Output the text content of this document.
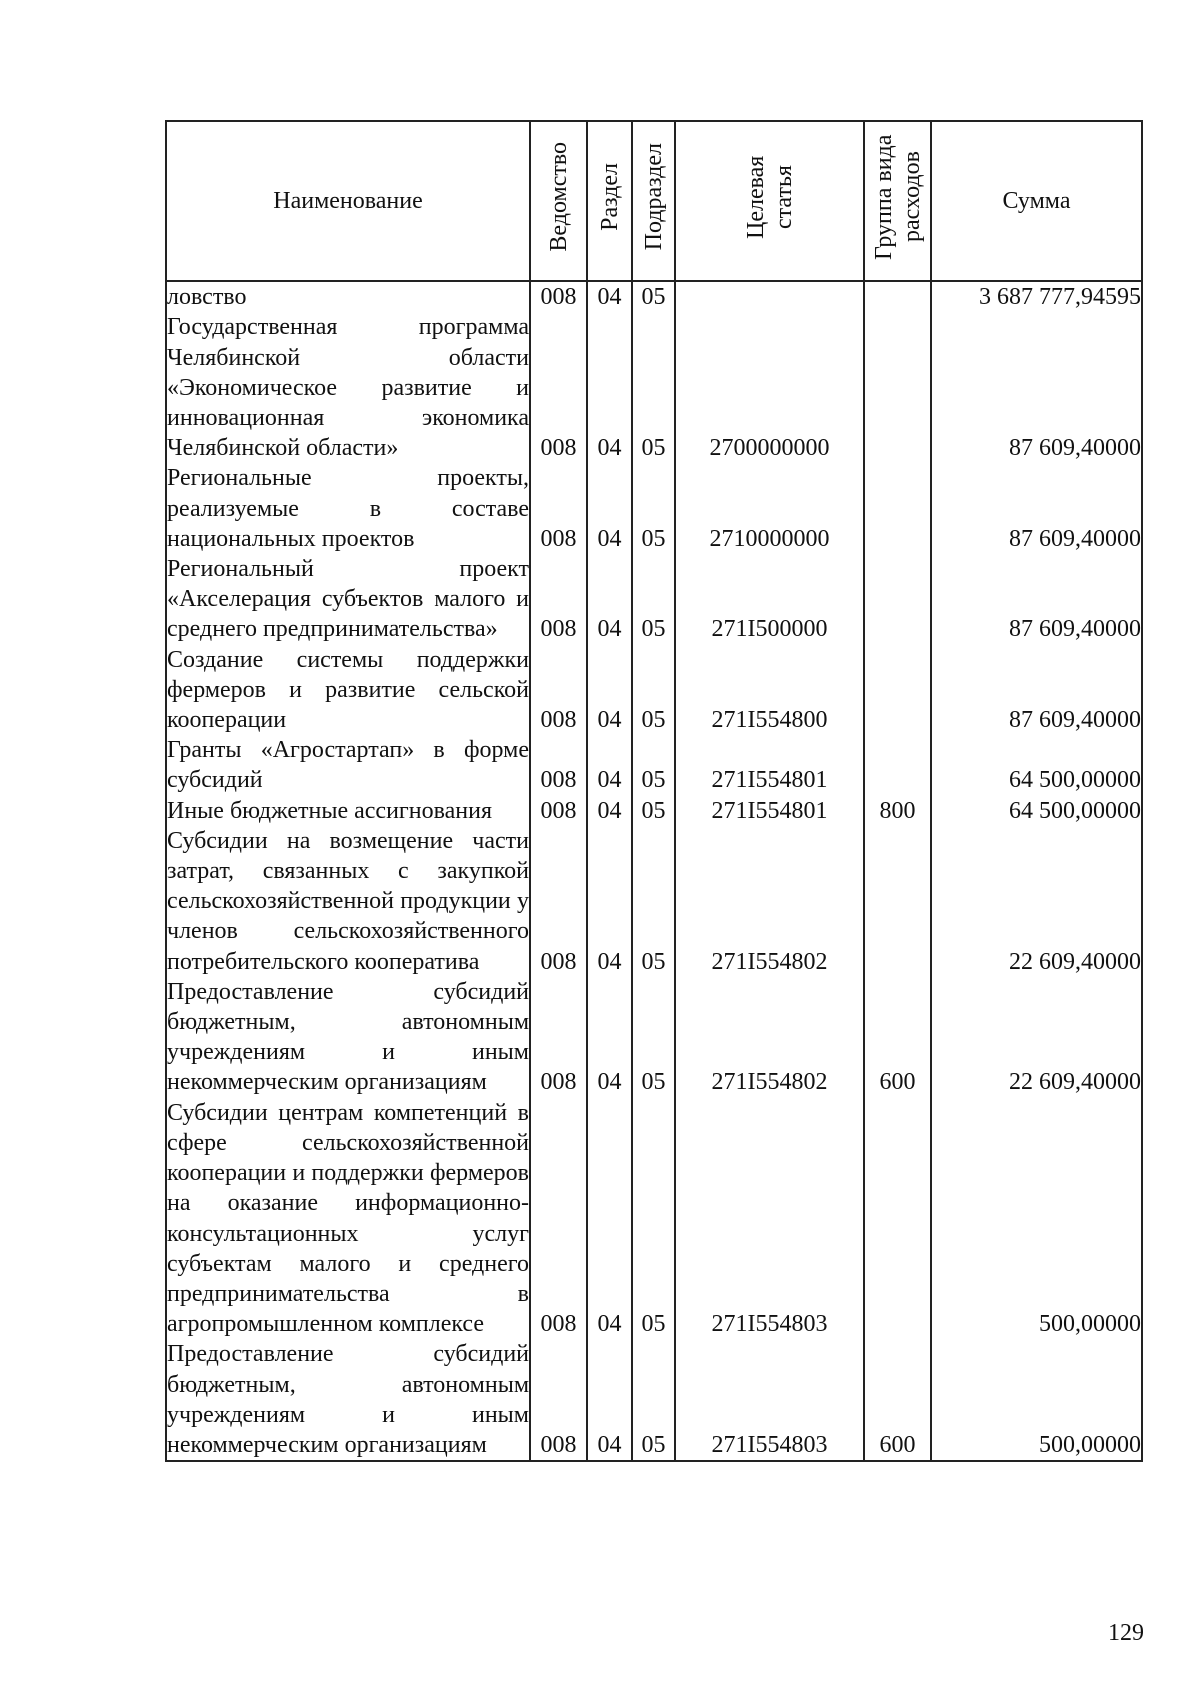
Наименование	Ведомство	Раздел	Подраздел	Целевая статья	Группа вида расходов	Сумма
ловство	008	04	05			3 687 777,94595
Государственная программа Челябинской области «Экономическое развитие и инновационная экономика Челябинской области»	008	04	05	2700000000		87 609,40000
Региональные проекты, реализуемые в составе национальных проектов	008	04	05	2710000000		87 609,40000
Региональный проект «Акселерация субъектов малого и среднего предпринимательства»	008	04	05	271I500000		87 609,40000
Создание системы поддержки фермеров и развитие сельской кооперации	008	04	05	271I554800		87 609,40000
Гранты «Агростартап» в форме субсидий	008	04	05	271I554801		64 500,00000
Иные бюджетные ассигнования	008	04	05	271I554801	800	64 500,00000
Субсидии на возмещение части затрат, связанных с закупкой сельскохозяйственной продукции у членов сельскохозяйственного потребительского кооператива	008	04	05	271I554802		22 609,40000
Предоставление субсидий бюджетным, автономным учреждениям и иным некоммерческим организациям	008	04	05	271I554802	600	22 609,40000
Субсидии центрам компетенций в сфере сельскохозяйственной кооперации и поддержки фермеров на оказание информационно-консультационных услуг субъектам малого и среднего предпринимательства в агропромышленном комплексе	008	04	05	271I554803		500,00000
Предоставление субсидий бюджетным, автономным учреждениям и иным некоммерческим организациям	008	04	05	271I554803	600	500,00000
129
